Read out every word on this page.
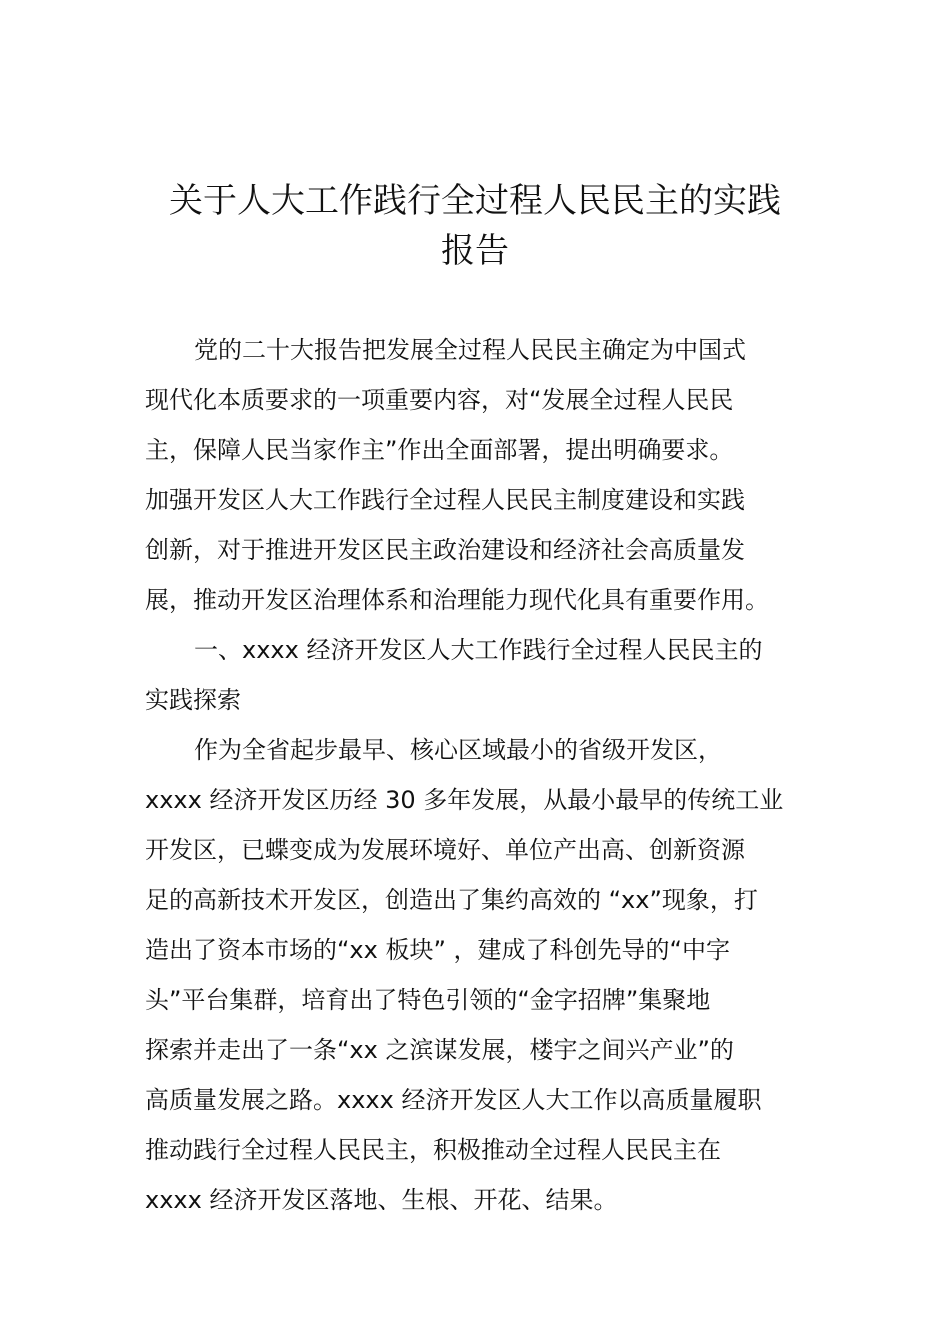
关于人大工作践行全过程人民民主的实践
报告
党的二十大报告把发展全过程人民民主确定为中国式
现代化本质要求的一项重要内容，对“发展全过程人民民
主，保障人民当家作主”作出全面部署，提出明确要求。
加强开发区人大工作践行全过程人民民主制度建设和实践
创新，对于推进开发区民主政治建设和经济社会高质量发
展，推动开发区治理体系和治理能力现代化具有重要作用。
一、xxxx 经济开发区人大工作践行全过程人民民主的
实践探索
作为全省起步最早、核心区域最小的省级开发区，
xxxx 经济开发区历经 30 多年发展，从最小最早的传统工业
开发区，已蝶变成为发展环境好、单位产出高、创新资源
足的高新技术开发区，创造出了集约高效的 “xx”现象，打
造出了资本市场的“xx 板块” ，建成了科创先导的“中字
头”平台集群，培育出了特色引领的“金字招牌”集聚地
探索并走出了一条“xx 之滨谋发展，楼宇之间兴产业”的
高质量发展之路。xxxx 经济开发区人大工作以高质量履职
推动践行全过程人民民主，积极推动全过程人民民主在
xxxx 经济开发区落地、生根、开花、结果。
